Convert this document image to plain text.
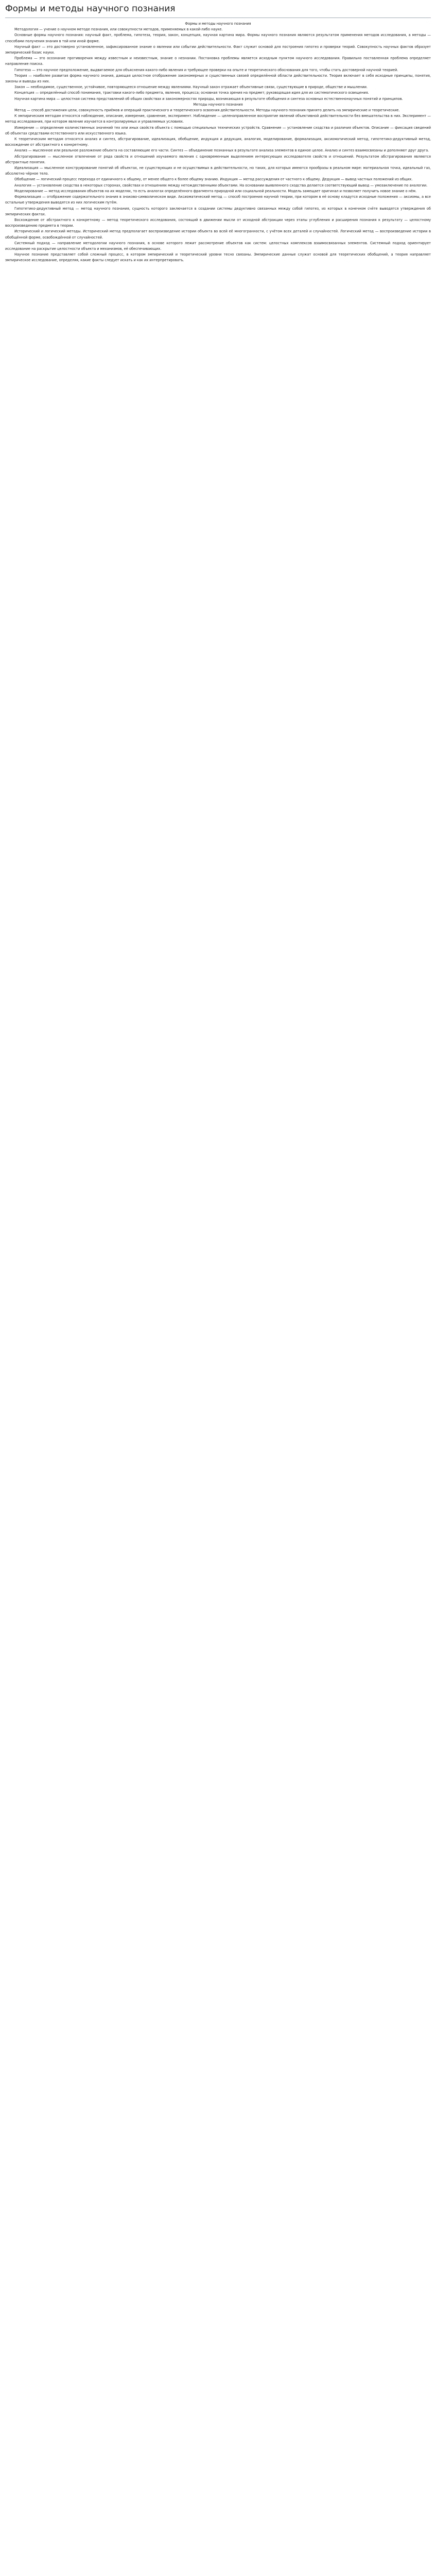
Формы и методы научного познания
Формы и методы научного познания

Методология — учение о научном методе познания, или совокупности методов, применяемых в какой-либо науке.

Основные формы научного познания: научный факт, проблема, гипотеза, теория, закон, концепция, научная картина мира. Формы научного познания являются результатом применения методов исследования, а методы — способами получения знания в той или иной форме.

Научный факт — это достоверно установленное, зафиксированное знание о явлении или событии действительности. Факт служит основой для построения гипотез и проверки теорий. Совокупность научных фактов образует эмпирический базис науки.

Проблема — это осознание противоречия между известным и неизвестным, знание о незнании. Постановка проблемы является исходным пунктом научного исследования. Правильно поставленная проблема определяет направление поиска.

Гипотеза — это научное предположение, выдвигаемое для объяснения какого-либо явления и требующее проверки на опыте и теоретического обоснования для того, чтобы стать достоверной научной теорией.

Теория — наиболее развитая форма научного знания, дающая целостное отображение закономерных и существенных связей определённой области действительности. Теория включает в себя исходные принципы, понятия, законы и выводы из них.

Закон — необходимое, существенное, устойчивое, повторяющееся отношение между явлениями. Научный закон отражает объективные связи, существующие в природе, обществе и мышлении.

Концепция — определённый способ понимания, трактовки какого-либо предмета, явления, процесса; основная точка зрения на предмет; руководящая идея для их систематического освещения.

Научная картина мира — целостная система представлений об общих свойствах и закономерностях природы, возникающая в результате обобщения и синтеза основных естественнонаучных понятий и принципов.

Методы научного познания

Метод — способ достижения цели, совокупность приёмов и операций практического и теоретического освоения действительности. Методы научного познания принято делить на эмпирические и теоретические.

К эмпирическим методам относятся наблюдение, описание, измерение, сравнение, эксперимент. Наблюдение — целенаправленное восприятие явлений объективной действительности без вмешательства в них. Эксперимент — метод исследования, при котором явление изучается в контролируемых и управляемых условиях.

Измерение — определение количественных значений тех или иных свойств объекта с помощью специальных технических устройств. Сравнение — установление сходства и различия объектов. Описание — фиксация сведений об объектах средствами естественного или искусственного языка.

К теоретическим методам относятся анализ и синтез, абстрагирование, идеализация, обобщение, индукция и дедукция, аналогия, моделирование, формализация, аксиоматический метод, гипотетико-дедуктивный метод, восхождение от абстрактного к конкретному.

Анализ — мысленное или реальное разложение объекта на составляющие его части. Синтез — объединение познанных в результате анализа элементов в единое целое. Анализ и синтез взаимосвязаны и дополняют друг друга.

Абстрагирование — мысленное отвлечение от ряда свойств и отношений изучаемого явления с одновременным выделением интересующих исследователя свойств и отношений. Результатом абстрагирования являются абстрактные понятия.

Идеализация — мысленное конструирование понятий об объектах, не существующих и не осуществимых в действительности, но таких, для которых имеются прообразы в реальном мире: материальная точка, идеальный газ, абсолютно чёрное тело.

Обобщение — логический процесс перехода от единичного к общему, от менее общего к более общему знанию. Индукция — метод рассуждения от частного к общему. Дедукция — вывод частных положений из общих.

Аналогия — установление сходства в некоторых сторонах, свойствах и отношениях между нетождественными объектами. На основании выявленного сходства делается соответствующий вывод — умозаключение по аналогии.

Моделирование — метод исследования объектов на их моделях, то есть аналогах определённого фрагмента природной или социальной реальности. Модель замещает оригинал и позволяет получить новое знание о нём.

Формализация — отображение содержательного знания в знаково-символическом виде. Аксиоматический метод — способ построения научной теории, при котором в её основу кладутся исходные положения — аксиомы, а все остальные утверждения выводятся из них логическим путём.

Гипотетико-дедуктивный метод — метод научного познания, сущность которого заключается в создании системы дедуктивно связанных между собой гипотез, из которых в конечном счёте выводятся утверждения об эмпирических фактах.

Восхождение от абстрактного к конкретному — метод теоретического исследования, состоящий в движении мысли от исходной абстракции через этапы углубления и расширения познания к результату — целостному воспроизведению предмета в теории.

Исторический и логический методы. Исторический метод предполагает воспроизведение истории объекта во всей её многогранности, с учётом всех деталей и случайностей. Логический метод — воспроизведение истории в обобщённой форме, освобождённой от случайностей.

Системный подход — направление методологии научного познания, в основе которого лежит рассмотрение объектов как систем: целостных комплексов взаимосвязанных элементов. Системный подход ориентирует исследование на раскрытие целостности объекта и механизмов, её обеспечивающих.

Научное познание представляет собой сложный процесс, в котором эмпирический и теоретический уровни тесно связаны. Эмпирические данные служат основой для теоретических обобщений, а теория направляет эмпирическое исследование, определяя, какие факты следует искать и как их интерпретировать.
